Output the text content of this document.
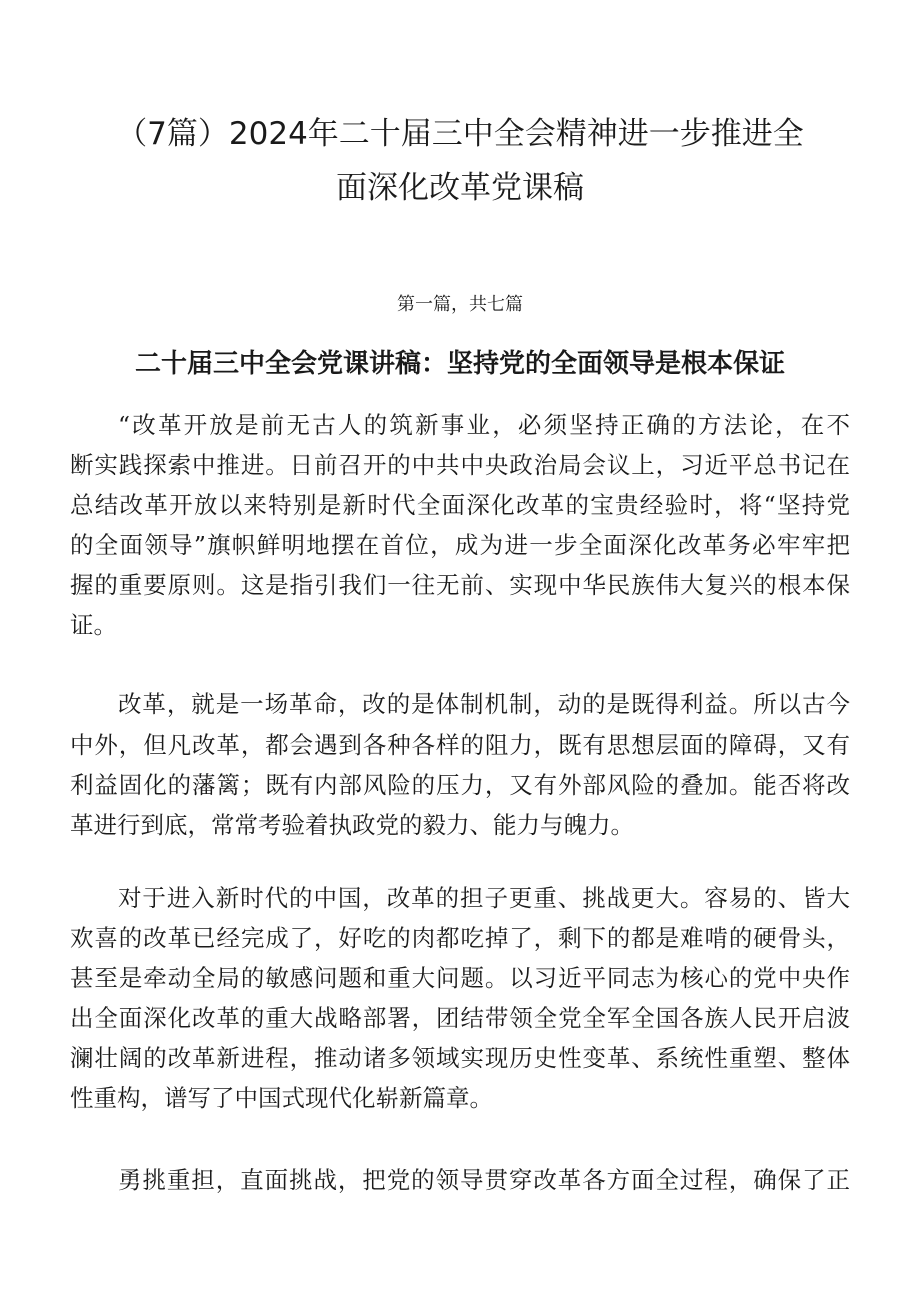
（7篇）2024年二十届三中全会精神进一步推进全
面深化改革党课稿
第一篇，共七篇
二十届三中全会党课讲稿：坚持党的全面领导是根本保证
“改革开放是前无古人的筑新事业，必须坚持正确的方法论，在不
断实践探索中推进。日前召开的中共中央政治局会议上，习近平总书记在
总结改革开放以来特别是新时代全面深化改革的宝贵经验时，将“坚持党
的全面领导”旗帜鲜明地摆在首位，成为进一步全面深化改革务必牢牢把
握的重要原则。这是指引我们一往无前、实现中华民族伟大复兴的根本保
证。
改革，就是一场革命，改的是体制机制，动的是既得利益。所以古今
中外，但凡改革，都会遇到各种各样的阻力，既有思想层面的障碍，又有
利益固化的藩篱；既有内部风险的压力，又有外部风险的叠加。能否将改
革进行到底，常常考验着执政党的毅力、能力与魄力。
对于进入新时代的中国，改革的担子更重、挑战更大。容易的、皆大
欢喜的改革已经完成了，好吃的肉都吃掉了，剩下的都是难啃的硬骨头，
甚至是牵动全局的敏感问题和重大问题。以习近平同志为核心的党中央作
出全面深化改革的重大战略部署，团结带领全党全军全国各族人民开启波
澜壮阔的改革新进程，推动诸多领域实现历史性变革、系统性重塑、整体
性重构，谱写了中国式现代化崭新篇章。
勇挑重担，直面挑战，把党的领导贯穿改革各方面全过程，确保了正
